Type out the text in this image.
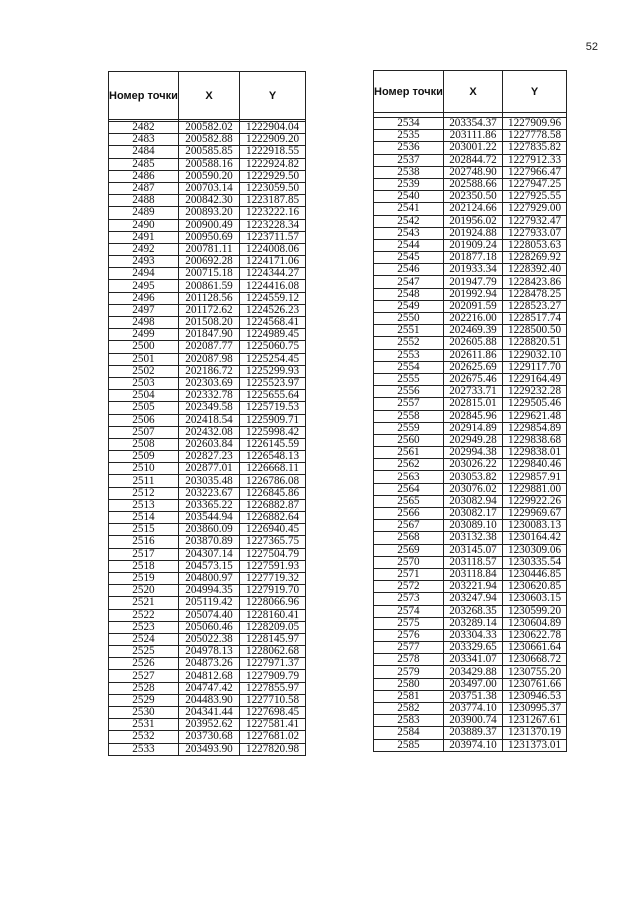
52
Номер точки	X	Y

2482	200582.02	1222904.04
2483	200582.88	1222909.20
2484	200585.85	1222918.55
2485	200588.16	1222924.82
2486	200590.20	1222929.50
2487	200703.14	1223059.50
2488	200842.30	1223187.85
2489	200893.20	1223222.16
2490	200900.49	1223228.34
2491	200950.69	1223711.57
2492	200781.11	1224008.06
2493	200692.28	1224171.06
2494	200715.18	1224344.27
2495	200861.59	1224416.08
2496	201128.56	1224559.12
2497	201172.62	1224526.23
2498	201508.20	1224568.41
2499	201847.90	1224989.45
2500	202087.77	1225060.75
2501	202087.98	1225254.45
2502	202186.72	1225299.93
2503	202303.69	1225523.97
2504	202332.78	1225655.64
2505	202349.58	1225719.53
2506	202418.54	1225909.71
2507	202432.08	1225998.42
2508	202603.84	1226145.59
2509	202827.23	1226548.13
2510	202877.01	1226668.11
2511	203035.48	1226786.08
2512	203223.67	1226845.86
2513	203365.22	1226882.87
2514	203544.94	1226882.64
2515	203860.09	1226940.45
2516	203870.89	1227365.75
2517	204307.14	1227504.79
2518	204573.15	1227591.93
2519	204800.97	1227719.32
2520	204994.35	1227919.70
2521	205119.42	1228066.96
2522	205074.40	1228160.41
2523	205060.46	1228209.05
2524	205022.38	1228145.97
2525	204978.13	1228062.68
2526	204873.26	1227971.37
2527	204812.68	1227909.79
2528	204747.42	1227855.97
2529	204483.90	1227710.58
2530	204341.44	1227698.45
2531	203952.62	1227581.41
2532	203730.68	1227681.02
2533	203493.90	1227820.98
Номер точки	X	Y

2534	203354.37	1227909.96
2535	203111.86	1227778.58
2536	203001.22	1227835.82
2537	202844.72	1227912.33
2538	202748.90	1227966.47
2539	202588.66	1227947.25
2540	202350.50	1227925.55
2541	202124.66	1227929.00
2542	201956.02	1227932.47
2543	201924.88	1227933.07
2544	201909.24	1228053.63
2545	201877.18	1228269.92
2546	201933.34	1228392.40
2547	201947.79	1228423.86
2548	201992.94	1228478.25
2549	202091.59	1228523.27
2550	202216.00	1228517.74
2551	202469.39	1228500.50
2552	202605.88	1228820.51
2553	202611.86	1229032.10
2554	202625.69	1229117.70
2555	202675.46	1229164.49
2556	202733.71	1229232.28
2557	202815.01	1229505.46
2558	202845.96	1229621.48
2559	202914.89	1229854.89
2560	202949.28	1229838.68
2561	202994.38	1229838.01
2562	203026.22	1229840.46
2563	203053.82	1229857.91
2564	203076.02	1229881.00
2565	203082.94	1229922.26
2566	203082.17	1229969.67
2567	203089.10	1230083.13
2568	203132.38	1230164.42
2569	203145.07	1230309.06
2570	203118.57	1230335.54
2571	203118.84	1230446.85
2572	203221.94	1230620.85
2573	203247.94	1230603.15
2574	203268.35	1230599.20
2575	203289.14	1230604.89
2576	203304.33	1230622.78
2577	203329.65	1230661.64
2578	203341.07	1230668.72
2579	203429.88	1230755.20
2580	203497.00	1230761.66
2581	203751.38	1230946.53
2582	203774.10	1230995.37
2583	203900.74	1231267.61
2584	203889.37	1231370.19
2585	203974.10	1231373.01
